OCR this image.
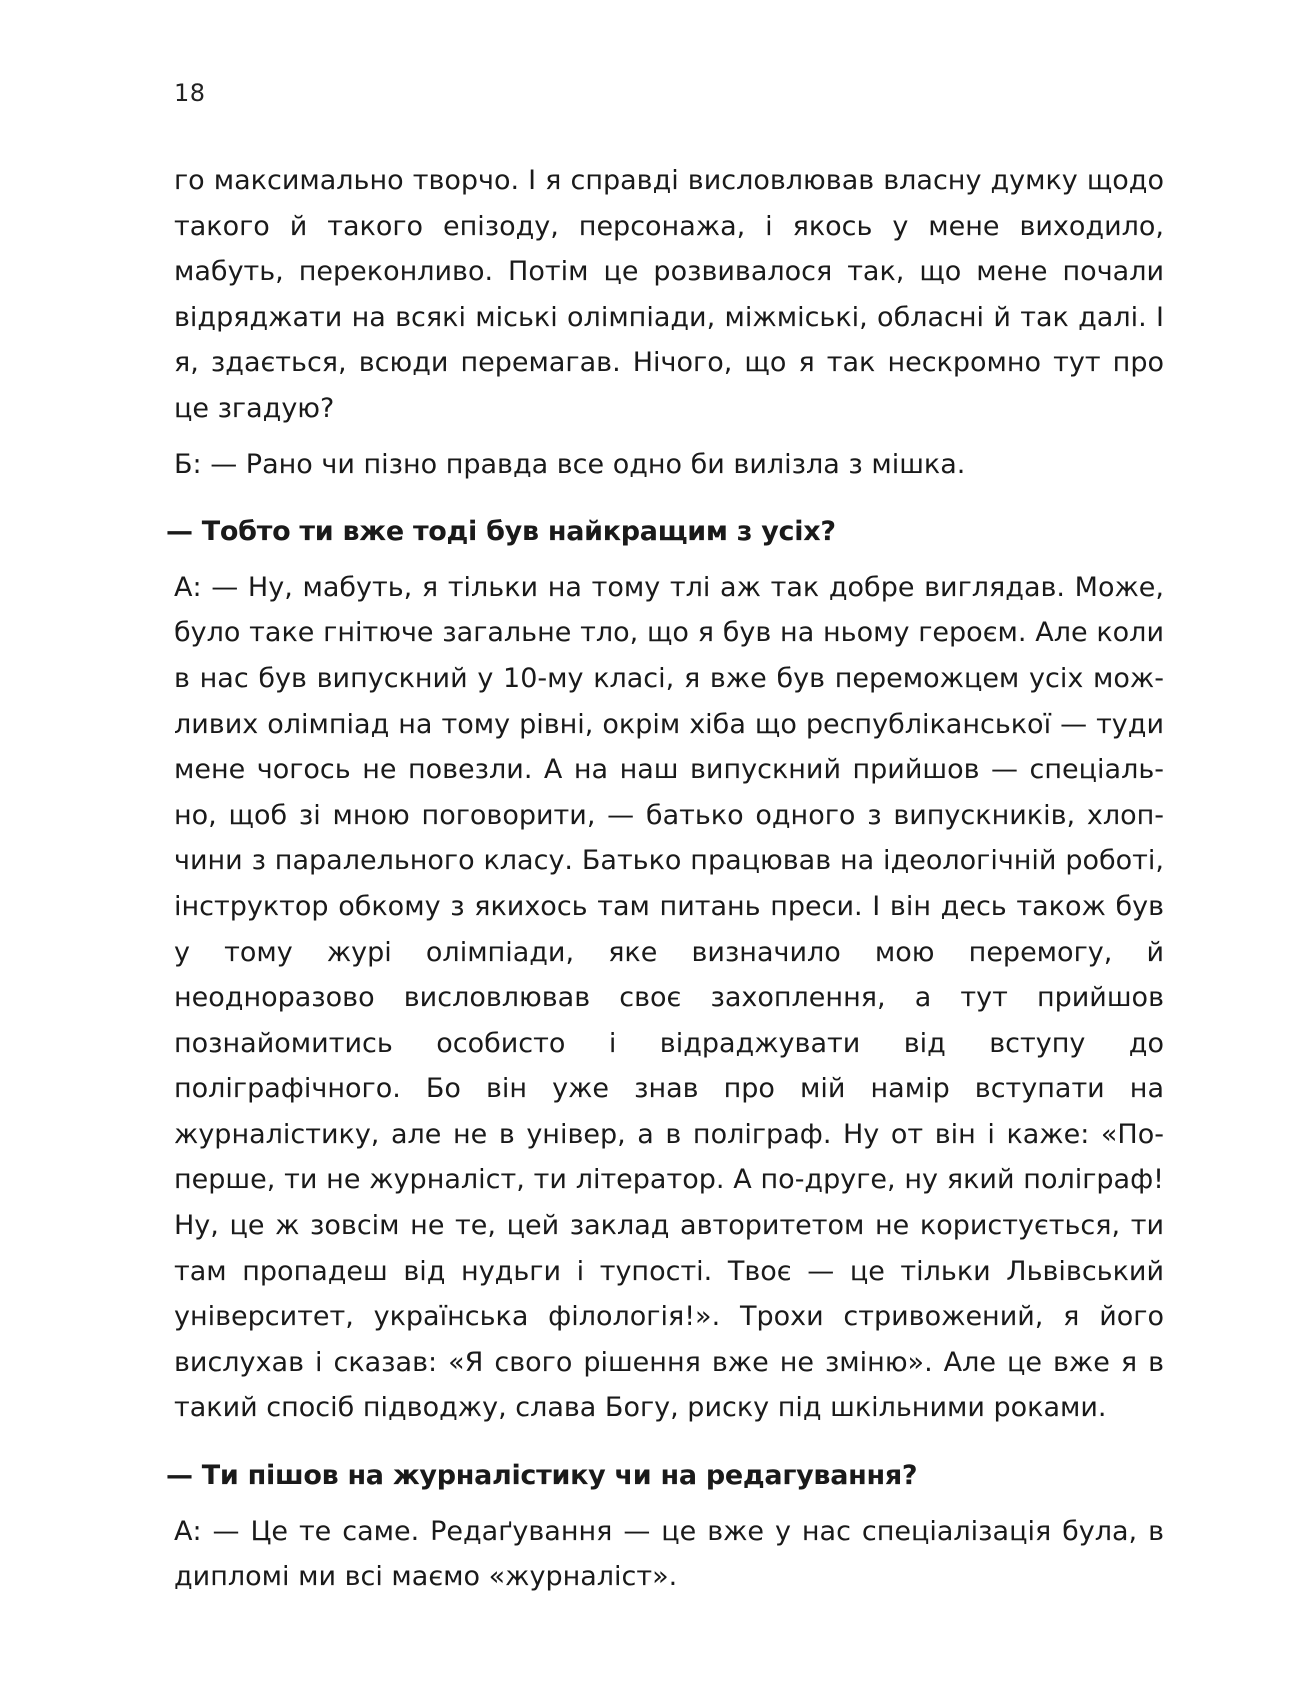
18

го максимально творчо. І я справді висловлював власну думку щодо такого й такого епізоду, персонажа, і якось у мене виходило, мабуть, переконливо. Потім це розвивалося так, що мене почали відряджати на всякі міські олімпіади, міжміські, обласні й так далі. І я, здається, всюди перемагав. Нічого, що я так нескромно тут про це згадую?

Б: — Рано чи пізно правда все одно би вилізла з мішка.

— Тобто ти вже тоді був найкращим з усіх?

А: — Ну, мабуть, я тільки на тому тлі аж так добре виглядав. Може, було таке гнітюче загальне тло, що я був на ньому героєм. Але коли в нас був випускний у 10-му класі, я вже був переможцем усіх можливих олімпіад на тому рівні, окрім хіба що республіканської — туди мене чогось не повезли. А на наш випускний прийшов — спеціально, щоб зі мною поговорити, — батько одного з випускників, хлопчини з паралельного класу. Батько працював на ідеологічній роботі, інструктор обкому з якихось там питань преси. І він десь також був у тому журі олімпіади, яке визначило мою перемогу, й неодноразово висловлював своє захоплення, а тут прийшов познайомитись особисто і відраджувати від вступу до поліграфічного. Бо він уже знав про мій намір вступати на журналістику, але не в універ, а в поліграф. Ну от він і каже: «По-перше, ти не журналіст, ти літератор. А по-друге, ну який поліграф! Ну, це ж зовсім не те, цей заклад авторитетом не користується, ти там пропадеш від нудьги і тупості. Твоє — це тільки Львівський університет, українська філологія!». Трохи стривожений, я його вислухав і сказав: «Я свого рішення вже не зміню». Але це вже я в такий спосіб підводжу, слава Богу, риску під шкільними роками.

— Ти пішов на журналістику чи на редагування?

А: — Це те саме. Редаґування — це вже у нас спеціалізація була, в дипломі ми всі маємо «журналіст».
